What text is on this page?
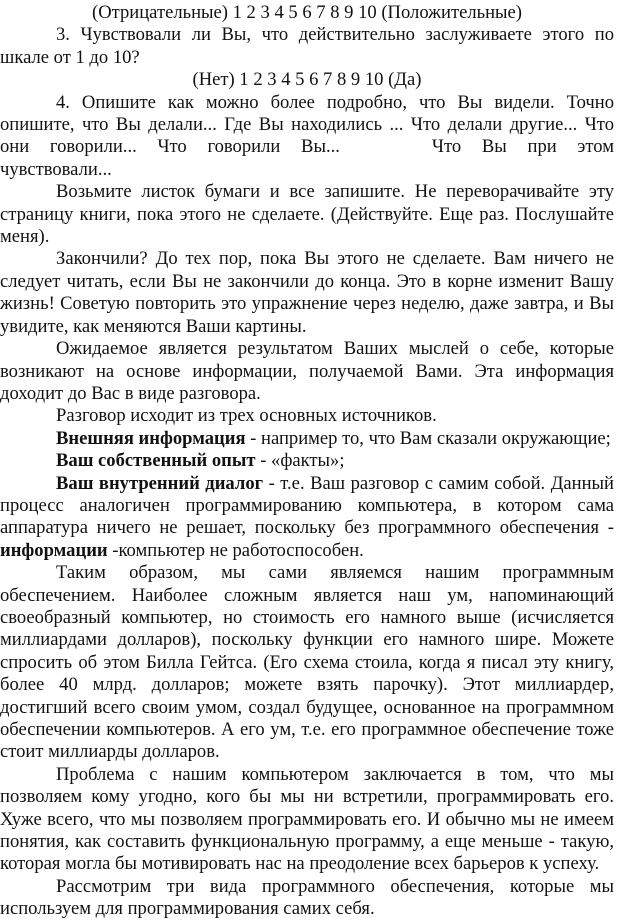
(Отрицательные) 1 2 3 4 5 6 7 8 9 10 (Положительные)

3. Чувствовали ли Вы, что действительно заслуживаете этого по шкале от 1 до 10?

(Нет) 1 2 3 4 5 6 7 8 9 10 (Да)

4. Опишите как можно более подробно, что Вы видели. Точно опишите, что Вы делали... Где Вы находились ... Что делали другие... Что они говорили... Что говорили Вы...	Что Вы при этом чувствовали...

Возьмите листок бумаги и все запишите. Не переворачивайте эту страницу книги, пока этого не сделаете. (Действуйте. Еще раз. Послушайте меня).

Закончили? До тех пор, пока Вы этого не сделаете. Вам ничего не следует читать, если Вы не закончили до конца. Это в корне изменит Вашу жизнь! Советую повторить это упражнение через неделю, даже завтра, и Вы увидите, как меняются Ваши картины.

Ожидаемое является результатом Ваших мыслей о себе, которые возникают на основе информации, получаемой Вами. Эта информация доходит до Вас в виде разговора.

Разговор исходит из трех основных источников.

Внешняя информация - например то, что Вам сказали окружающие;

Ваш собственный опыт - «факты»;

Ваш внутренний диалог - т.е. Ваш разговор с самим собой. Данный процесс аналогичен программированию компьютера, в котором сама аппаратура ничего не решает, поскольку без программного обеспечения - информации -компьютер не работоспособен.

Таким образом, мы сами являемся нашим программным обеспечением. Наиболее сложным является наш ум, напоминающий своеобразный компьютер, но стоимость его намного выше (исчисляется миллиардами долларов), поскольку функции его намного шире. Можете спросить об этом Билла Гейтса. (Его схема стоила, когда я писал эту книгу, более 40 млрд. долларов; можете взять парочку). Этот миллиардер, достигший всего своим умом, создал будущее, основанное на программном обеспечении компьютеров. А его ум, т.е. его программное обеспечение тоже стоит миллиарды долларов.

Проблема с нашим компьютером заключается в том, что мы позволяем кому угодно, кого бы мы ни встретили, программировать его. Хуже всего, что мы позволяем программировать его. И обычно мы не имеем понятия, как составить функциональную программу, а еще меньше - такую, которая могла бы мотивировать нас на преодоление всех барьеров к успеху.

Рассмотрим три вида программного обеспечения, которые мы используем для программирования самих себя.
